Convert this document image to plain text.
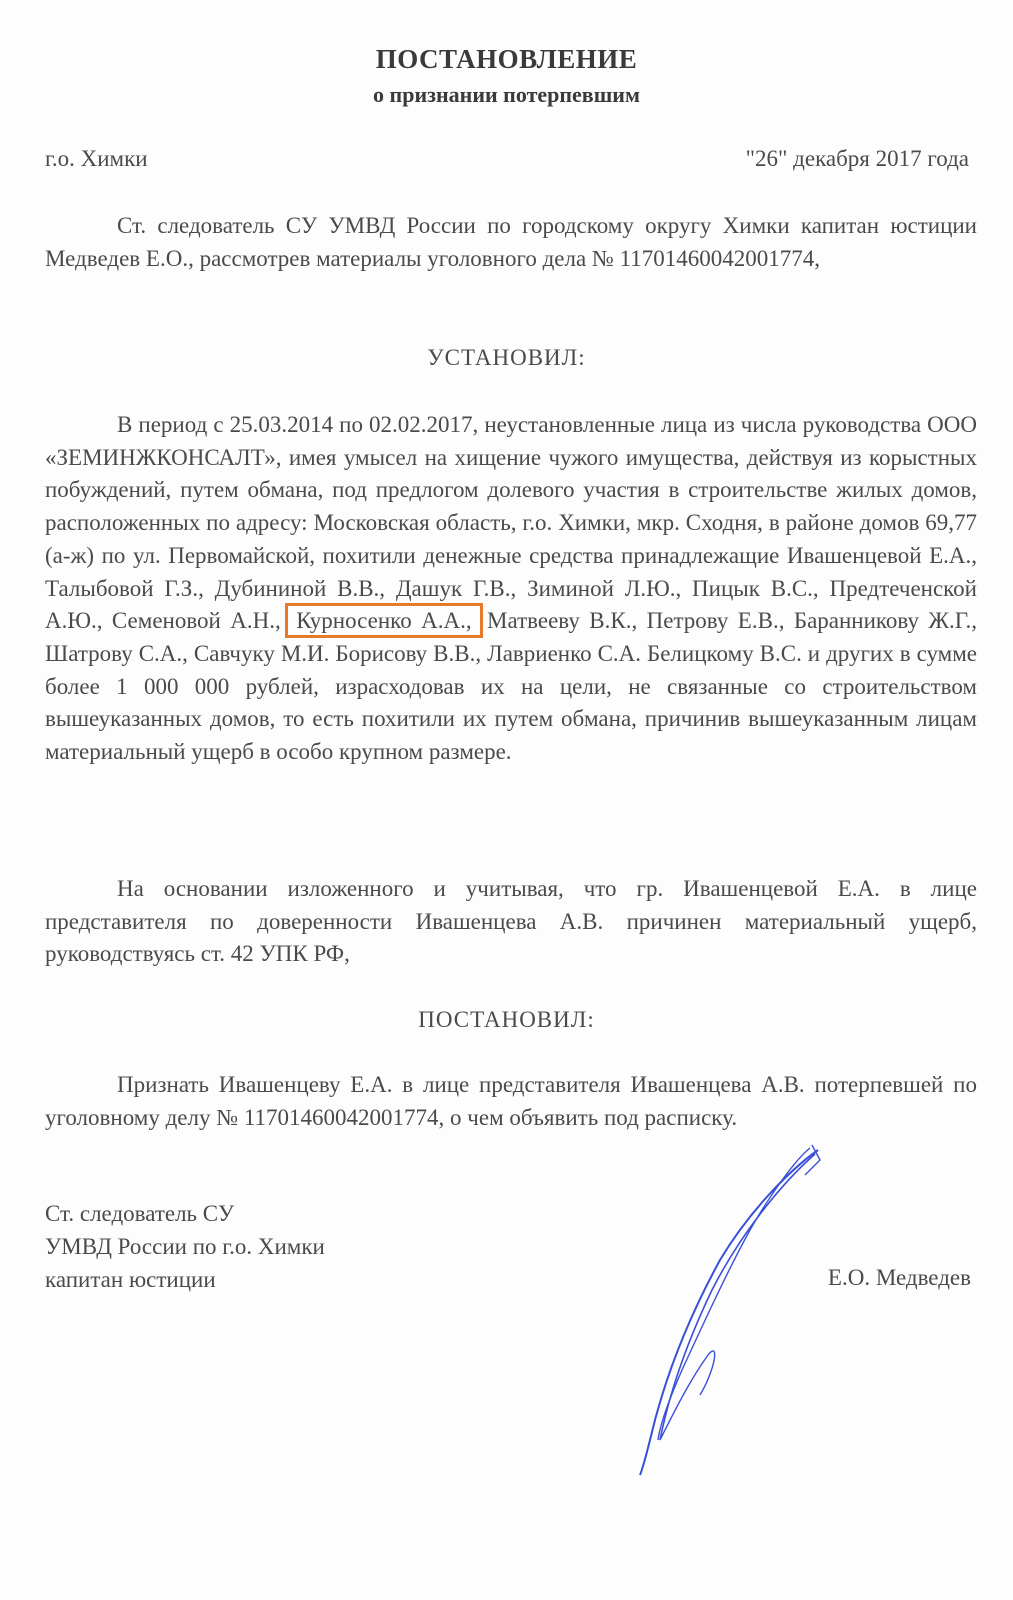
ПОСТАНОВЛЕНИЕ
о признании потерпевшим
г.о. Химки	"26" декабря 2017 года

Ст. следователь СУ УМВД России по городскому округу Химки капитан юстиции Медведев Е.О., рассмотрев материалы уголовного дела № 11701460042001774,

УСТАНОВИЛ:

В период с 25.03.2014 по 02.02.2017, неустановленные лица из числа руководства ООО «ЗЕМИНЖКОНСАЛТ», имея умысел на хищение чужого имущества, действуя из корыстных побуждений, путем обмана, под предлогом долевого участия в строительстве жилых домов, расположенных по адресу: Московская область, г.о. Химки, мкр. Сходня, в районе домов 69,77 (а-ж) по ул. Первомайской, похитили денежные средства принадлежащие Ивашенцевой Е.А., Талыбовой Г.З., Дубининой В.В., Дашук Г.В., Зиминой Л.Ю., Пицык В.С., Предтеченской А.Ю., Семеновой А.Н., Курносенко А.А., Матвееву В.К., Петрову Е.В., Баранникову Ж.Г., Шатрову С.А., Савчуку М.И. Борисову В.В., Лавриенко С.А. Белицкому В.С. и других в сумме более 1 000 000 рублей, израсходовав их на цели, не связанные со строительством вышеуказанных домов, то есть похитили их путем обмана, причинив вышеуказанным лицам материальный ущерб в особо крупном размере.

На основании изложенного и учитывая, что гр. Ивашенцевой Е.А. в лице представителя по доверенности Ивашенцева А.В. причинен материальный ущерб, руководствуясь ст. 42 УПК РФ,

ПОСТАНОВИЛ:

Признать Ивашенцеву Е.А. в лице представителя Ивашенцева А.В. потерпевшей по уголовному делу № 11701460042001774, о чем объявить под расписку.

Ст. следователь СУ
УМВД России по г.о. Химки
капитан юстиции	Е.О. Медведев
